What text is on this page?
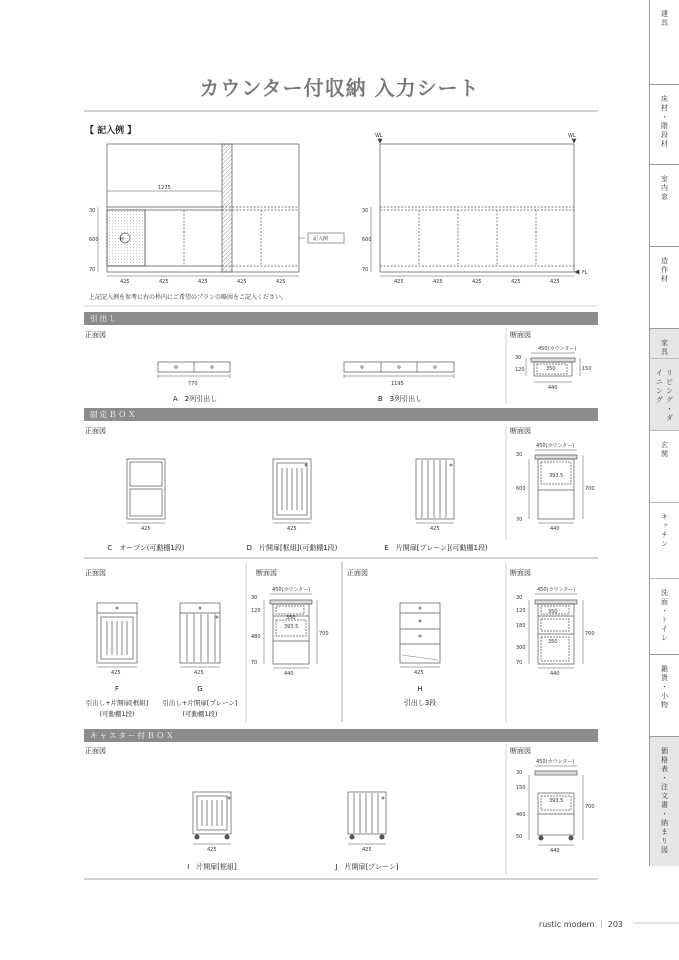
建具
床材・階段材
室内窓
造作材
家具
リビング・ダイニング
玄関
キッチン
洗面・トイレ
雑貨・小物
価格表・注文書・納まり図
カウンター付収納 入力シート
1275
30
600
70
425	425	425	425	425
30
600
70
425	425	425	425	425
H	記入例
WL	WL
FL
770	1195
450(カウンター)
350
440
30
120	150
425	425	425
450(カウンター)
393.5
440
30
600
70
700
425	425
450(カウンター)
350
393.5
440
30
120
480
70
700
425
450(カウンター)
350
350
440
30
120
180
300
70
700
425	425
450(カウンター)
393.5
440
30
150
460
50
700
【 記入例 】
上記記入例を参考に右の枠内にご希望のプランの略図をご記入ください。
引出し
正面図	断面図
A　2列引出し	B　3列引出し
固定ＢＯＸ
正面図	断面図
C　オープン(可動棚1段)	D　片開扉[框組](可動棚1段)	E　片開扉[プレーン](可動棚1段)
正面図	断面図
F
引出し+片開扉[框組]
(可動棚1段)
G
引出し+片開扉[プレーン]
(可動棚1段)
正面図	断面図
H
引出し3段
キャスター付ＢＯＸ
正面図	断面図
I　片開扉[框組]	J　片開扉[プレーン]
rustic modern ｜ 203
